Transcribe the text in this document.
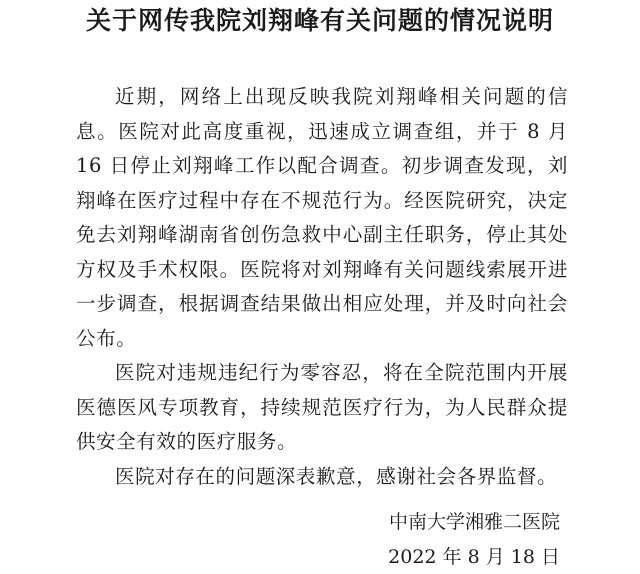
关于网传我院刘翔峰有关问题的情况说明

近期，网络上出现反映我院刘翔峰相关问题的信息。医院对此高度重视，迅速成立调查组，并于 8 月 16 日停止刘翔峰工作以配合调查。初步调查发现，刘翔峰在医疗过程中存在不规范行为。经医院研究，决定免去刘翔峰湖南省创伤急救中心副主任职务，停止其处方权及手术权限。医院将对刘翔峰有关问题线索展开进一步调查，根据调查结果做出相应处理，并及时向社会公布。

医院对违规违纪行为零容忍，将在全院范围内开展医德医风专项教育，持续规范医疗行为，为人民群众提供安全有效的医疗服务。

医院对存在的问题深表歉意，感谢社会各界监督。

中南大学湘雅二医院
2022 年 8 月 18 日
